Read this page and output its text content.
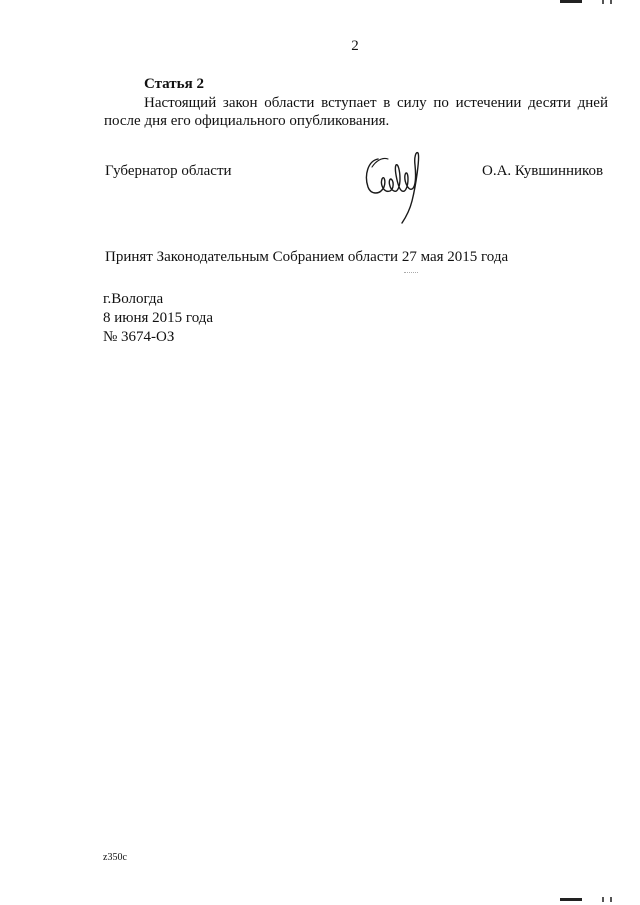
2
Статья 2

Настоящий закон области вступает в силу по истечении десяти дней после дня его официального опубликования.

Губернатор области	О.А. Кувшинников
Принят Законодательным Собранием области 27 мая 2015 года
г.Вологда
8 июня 2015 года
№ 3674-ОЗ
z350c
